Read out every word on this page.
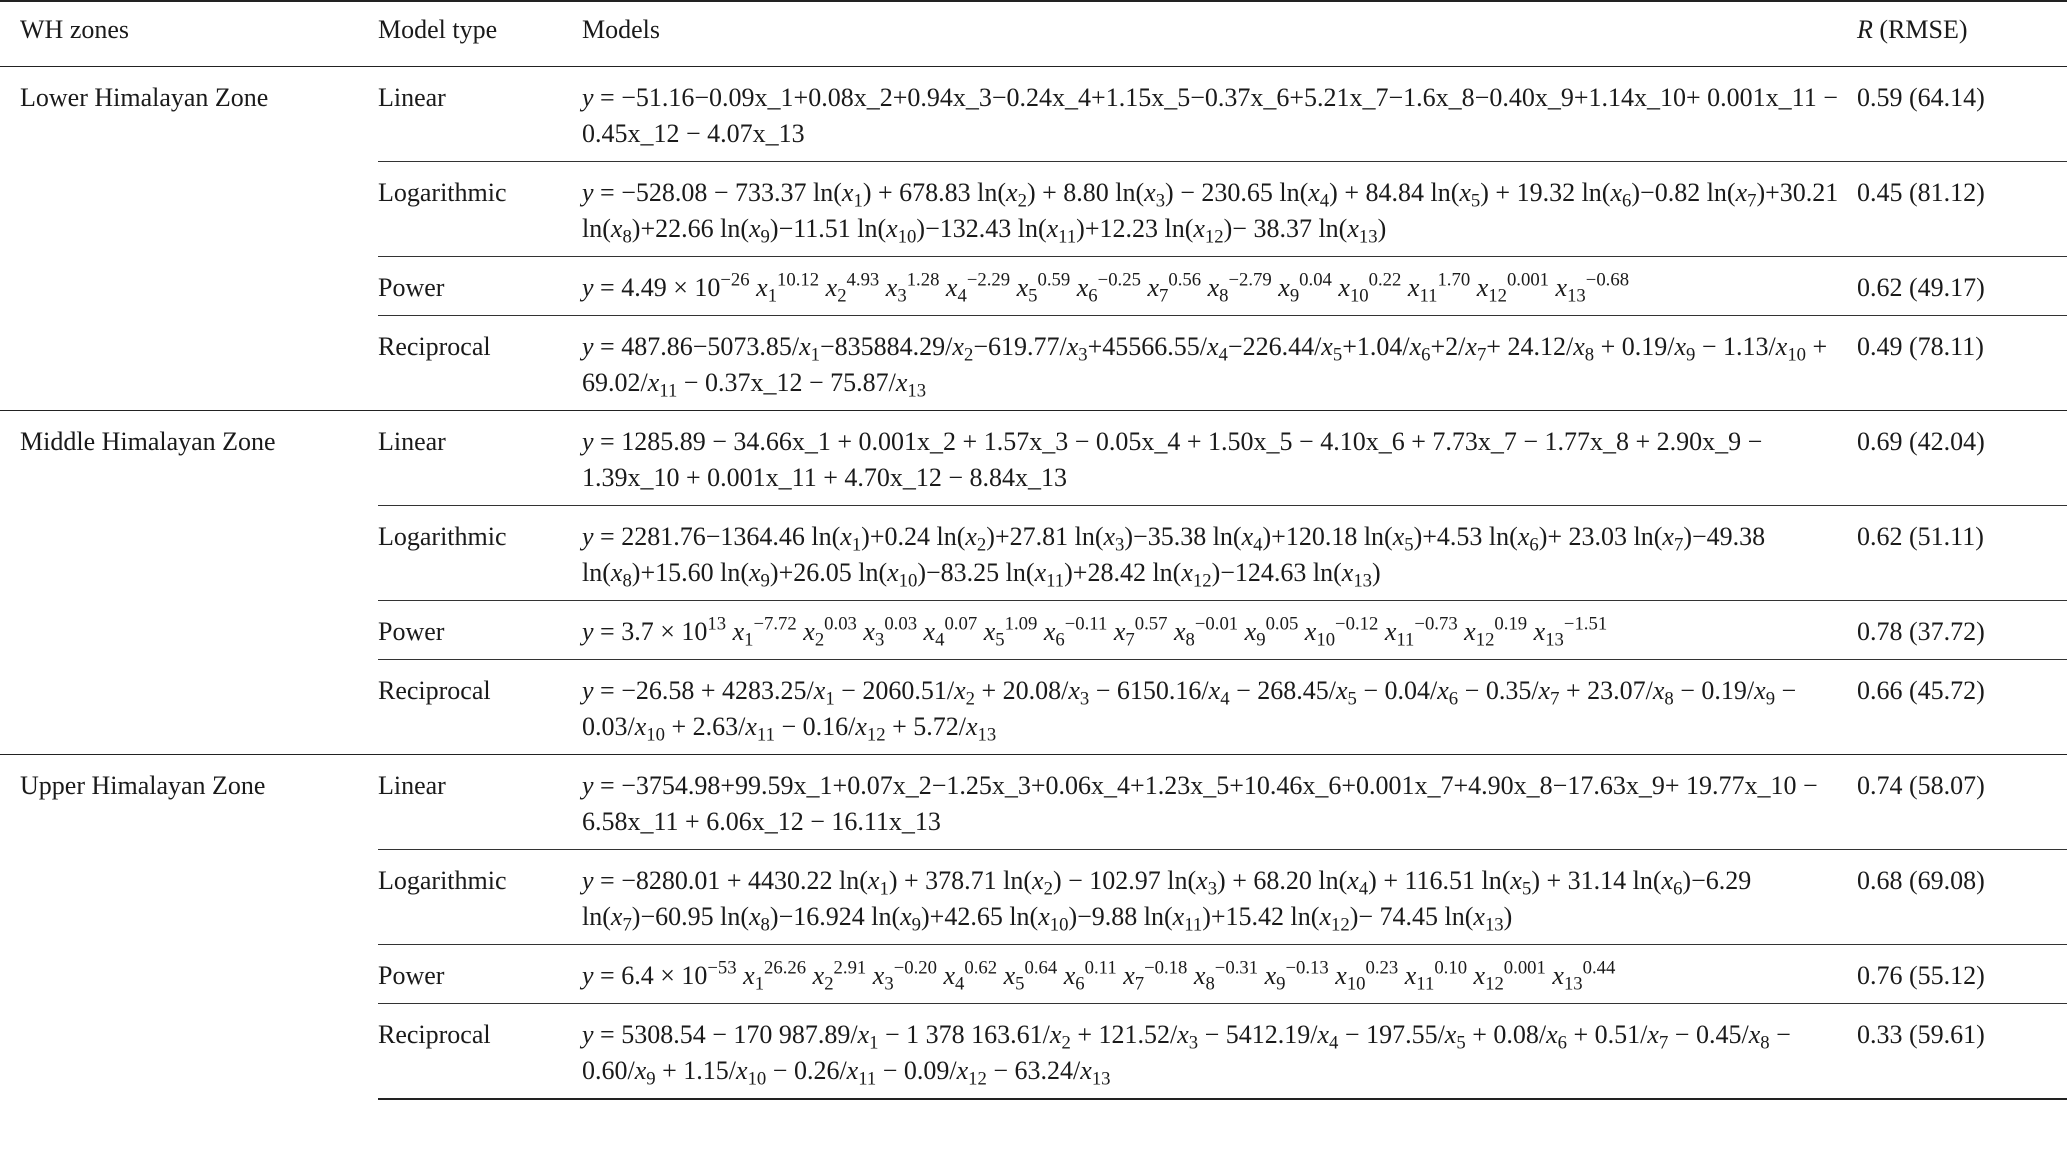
WH zones	Model type	Models	R (RMSE)
Lower Himalayan Zone	Linear	y = −51.16−0.09x_1+0.08x_2+0.94x_3−0.24x_4+1.15x_5−0.37x_6+5.21x_7−1.6x_8−0.40x_9+1.14x_10+ 0.001x_11 − 0.45x_12 − 4.07x_13	0.59 (64.14)
	Logarithmic	y = −528.08 − 733.37 $\ln(x_1) + 678.83$ $\ln(x_2) + 8.80$ $\ln(x_3) - 230.65$ $\ln(x_4) + 84.84$ $\ln(x_5) + 19.32$ $\ln(x_6)-0.82$ $\ln(x_7)+30.21$ $\ln(x_8)+22.66$ $\ln(x_9)-11.51$ $\ln(x_{10})-132.43$ $\ln(x_{11})+12.23$ $\ln(x_{12})- 38.37$ $\ln(x_{13})$	0.45 (81.12)
	Power	$y = 4.49 \times 10^{-26}$ $x_1^{10.12}$ $x_2^{4.93}$ $x_3^{1.28}$ $x_4^{-2.29}$ $x_5^{0.59}$ $x_6^{-0.25}$ $x_7^{0.56}$ $x_8^{-2.79}$ $x_9^{0.04}$ $x_{10}^{0.22}$ $x_{11}^{1.70}$ $x_{12}^{0.001}$ $x_{13}^{-0.68}$	0.62 (49.17)
	Reciprocal	$y = 487.86-5073.85/x_1-835884.29/x_2-619.77/x_3+45566.55/x_4-226.44/x_5+1.04/x_6+2/x_7+ 24.12/x_8 + 0.19/x_9 - 1.13/x_{10} + 69.02/x_{11}$ − 0.37x_12 − $75.87/x_{13}$	0.49 (78.11)
Middle Himalayan Zone	Linear	y = 1285.89 − 34.66x_1 + 0.001x_2 + 1.57x_3 − 0.05x_4 + 1.50x_5 − 4.10x_6 + 7.73x_7 − 1.77x_8 + 2.90x_9 − 1.39x_10 + 0.001x_11 + 4.70x_12 − 8.84x_13	0.69 (42.04)
	Logarithmic	y = 2281.76−1364.46 $\ln(x_1)+0.24$ $\ln(x_2)+27.81$ $\ln(x_3)-35.38$ $\ln(x_4)+120.18$ $\ln(x_5)+4.53$ $\ln(x_6)+ 23.03$ $\ln(x_7)-49.38$ $\ln(x_8)+15.60$ $\ln(x_9)+26.05$ $\ln(x_{10})-83.25$ $\ln(x_{11})+28.42$ $\ln(x_{12})-124.63$ $\ln(x_{13})$	0.62 (51.11)
	Power	$y = 3.7 \times 10^{13}$ $x_1^{-7.72}$ $x_2^{0.03}$ $x_3^{0.03}$ $x_4^{0.07}$ $x_5^{1.09}$ $x_6^{-0.11}$ $x_7^{0.57}$ $x_8^{-0.01}$ $x_9^{0.05}$ $x_{10}^{-0.12}$ $x_{11}^{-0.73}$ $x_{12}^{0.19}$ $x_{13}^{-1.51}$	0.78 (37.72)
	Reciprocal	$y = -26.58 + 4283.25/x_1 - 2060.51/x_2 + 20.08/x_3 - 6150.16/x_4 - 268.45/x_5 - 0.04/x_6 - 0.35/x_7 + 23.07/x_8 - 0.19/x_9 - 0.03/x_{10} + 2.63/x_{11} - 0.16/x_{12} + 5.72/x_{13}$	0.66 (45.72)
Upper Himalayan Zone	Linear	y = −3754.98+99.59x_1+0.07x_2−1.25x_3+0.06x_4+1.23x_5+10.46x_6+0.001x_7+4.90x_8−17.63x_9+ 19.77x_10 − 6.58x_11 + 6.06x_12 − 16.11x_13	0.74 (58.07)
	Logarithmic	y = −8280.01 + 4430.22 $\ln(x_1) + 378.71$ $\ln(x_2) - 102.97$ $\ln(x_3) + 68.20$ $\ln(x_4) + 116.51$ $\ln(x_5) + 31.14$ $\ln(x_6)-6.29$ $\ln(x_7)-60.95$ $\ln(x_8)-16.924$ $\ln(x_9)+42.65$ $\ln(x_{10})-9.88$ $\ln(x_{11})+15.42$ $\ln(x_{12})- 74.45$ $\ln(x_{13})$	0.68 (69.08)
	Power	$y = 6.4 \times 10^{-53}$ $x_1^{26.26}$ $x_2^{2.91}$ $x_3^{-0.20}$ $x_4^{0.62}$ $x_5^{0.64}$ $x_6^{0.11}$ $x_7^{-0.18}$ $x_8^{-0.31}$ $x_9^{-0.13}$ $x_{10}^{0.23}$ $x_{11}^{0.10}$ $x_{12}^{0.001}$ $x_{13}^{0.44}$	0.76 (55.12)
	Reciprocal	y = 5308.54 − 170 $987.89/x_1 - 1$ 378 $163.61/x_2 + 121.52/x_3 - 5412.19/x_4 - 197.55/x_5 + 0.08/x_6 + 0.51/x_7 - 0.45/x_8 - 0.60/x_9 + 1.15/x_{10} - 0.26/x_{11} - 0.09/x_{12} - 63.24/x_{13}$	0.33 (59.61)
